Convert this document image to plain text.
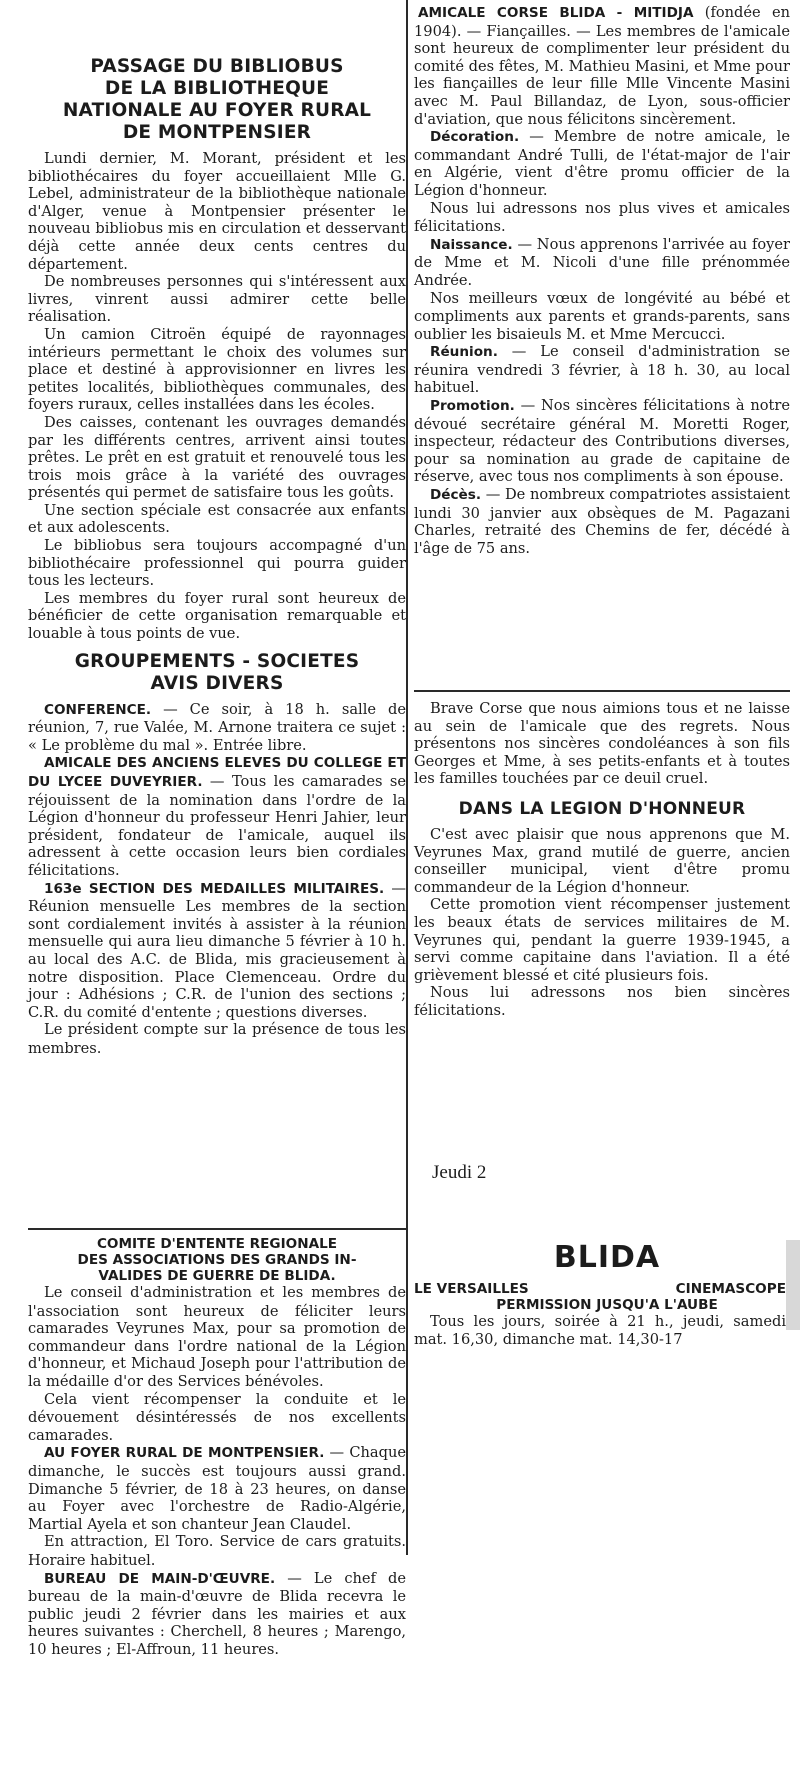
PASSAGE DU BIBLIOBUS
DE LA BIBLIOTHEQUE
NATIONALE AU FOYER RURAL
DE MONTPENSIER

Lundi dernier, M. Morant, président et les bibliothécaires du foyer accueillaient Mlle G. Lebel, administrateur de la bibliothèque nationale d'Alger, venue à Montpensier présenter le nouveau bibliobus mis en circulation et desservant déjà cette année deux cents centres du département.

De nombreuses personnes qui s'intéressent aux livres, vinrent aussi admirer cette belle réalisation.

Un camion Citroën équipé de rayonnages intérieurs permettant le choix des volumes sur place et destiné à approvisionner en livres les petites localités, bibliothèques communales, des foyers ruraux, celles installées dans les écoles.

Des caisses, contenant les ouvrages demandés par les différents centres, arrivent ainsi toutes prêtes. Le prêt en est gratuit et renouvelé tous les trois mois grâce à la variété des ouvrages présentés qui permet de satisfaire tous les goûts.

Une section spéciale est consacrée aux enfants et aux adolescents.

Le bibliobus sera toujours accompagné d'un bibliothécaire professionnel qui pourra guider tous les lecteurs.

Les membres du foyer rural sont heureux de bénéficier de cette organisation remarquable et louable à tous points de vue.

GROUPEMENTS - SOCIETES
AVIS DIVERS

CONFERENCE. — Ce soir, à 18 h. salle de réunion, 7, rue Valée, M. Arnone traitera ce sujet : « Le problème du mal ». Entrée libre.

AMICALE DES ANCIENS ELEVES DU COLLEGE ET DU LYCEE DUVEYRIER. — Tous les camarades se réjouissent de la nomination dans l'ordre de la Légion d'honneur du professeur Henri Jahier, leur président, fondateur de l'amicale, auquel ils adressent à cette occasion leurs bien cordiales félicitations.

163e SECTION DES MEDAILLES MILITAIRES. — Réunion mensuelle Les membres de la section sont cordialement invités à assister à la réunion mensuelle qui aura lieu dimanche 5 février à 10 h. au local des A.C. de Blida, mis gracieusement à notre disposition. Place Clemenceau. Ordre du jour : Adhésions ; C.R. de l'union des sections ; C.R. du comité d'entente ; questions diverses.

Le président compte sur la présence de tous les membres.

COMITE D'ENTENTE REGIONALE
DES ASSOCIATIONS DES GRANDS IN-
VALIDES DE GUERRE DE BLIDA.

Le conseil d'administration et les membres de l'association sont heureux de féliciter leurs camarades Veyrunes Max, pour sa promotion de commandeur dans l'ordre national de la Légion d'honneur, et Michaud Joseph pour l'attribution de la médaille d'or des Services bénévoles.

Cela vient récompenser la conduite et le dévouement désintéressés de nos excellents camarades.

AU FOYER RURAL DE MONTPENSIER. — Chaque dimanche, le succès est toujours aussi grand. Dimanche 5 février, de 18 à 23 heures, on danse au Foyer avec l'orchestre de Radio-Algérie, Martial Ayela et son chanteur Jean Claudel.

En attraction, El Toro. Service de cars gratuits. Horaire habituel.

BUREAU DE MAIN-D'ŒUVRE. — Le chef de bureau de la main-d'œuvre de Blida recevra le public jeudi 2 février dans les mairies et aux heures suivantes : Cherchell, 8 heures ; Marengo, 10 heures ; El-Affroun, 11 heures.

AMICALE CORSE BLIDA - MITIDJA (fondée en 1904). — Fiançailles. — Les membres de l'amicale sont heureux de complimenter leur président du comité des fêtes, M. Mathieu Masini, et Mme pour les fiançailles de leur fille Mlle Vincente Masini avec M. Paul Billandaz, de Lyon, sous-officier d'aviation, que nous félicitons sincèrement.

Décoration. — Membre de notre amicale, le commandant André Tulli, de l'état-major de l'air en Algérie, vient d'être promu officier de la Légion d'honneur.

Nous lui adressons nos plus vives et amicales félicitations.

Naissance. — Nous apprenons l'arrivée au foyer de Mme et M. Nicoli d'une fille prénommée Andrée.

Nos meilleurs vœux de longévité au bébé et compliments aux parents et grands-parents, sans oublier les bisaieuls M. et Mme Mercucci.

Réunion. — Le conseil d'administration se réunira vendredi 3 février, à 18 h. 30, au local habituel.

Promotion. — Nos sincères félicitations à notre dévoué secrétaire général M. Moretti Roger, inspecteur, rédacteur des Contributions diverses, pour sa nomination au grade de capitaine de réserve, avec tous nos compliments à son épouse.

Décès. — De nombreux compatriotes assistaient lundi 30 janvier aux obsèques de M. Pagazani Charles, retraité des Chemins de fer, décédé à l'âge de 75 ans.

Brave Corse que nous aimions tous et ne laisse au sein de l'amicale que des regrets. Nous présentons nos sincères condoléances à son fils Georges et Mme, à ses petits-enfants et à toutes les familles touchées par ce deuil cruel.

DANS LA LEGION D'HONNEUR

C'est avec plaisir que nous apprenons que M. Veyrunes Max, grand mutilé de guerre, ancien conseiller municipal, vient d'être promu commandeur de la Légion d'honneur.

Cette promotion vient récompenser justement les beaux états de services militaires de M. Veyrunes qui, pendant la guerre 1939-1945, a servi comme capitaine dans l'aviation. Il a été grièvement blessé et cité plusieurs fois.

Nous lui adressons nos bien sincères félicitations.

Jeudi 2
BLIDA
LE VERSAILLES	CINEMASCOPE
PERMISSION JUSQU'A L'AUBE

Tous les jours, soirée à 21 h., jeudi, samedi mat. 16,30, dimanche mat. 14,30-17
